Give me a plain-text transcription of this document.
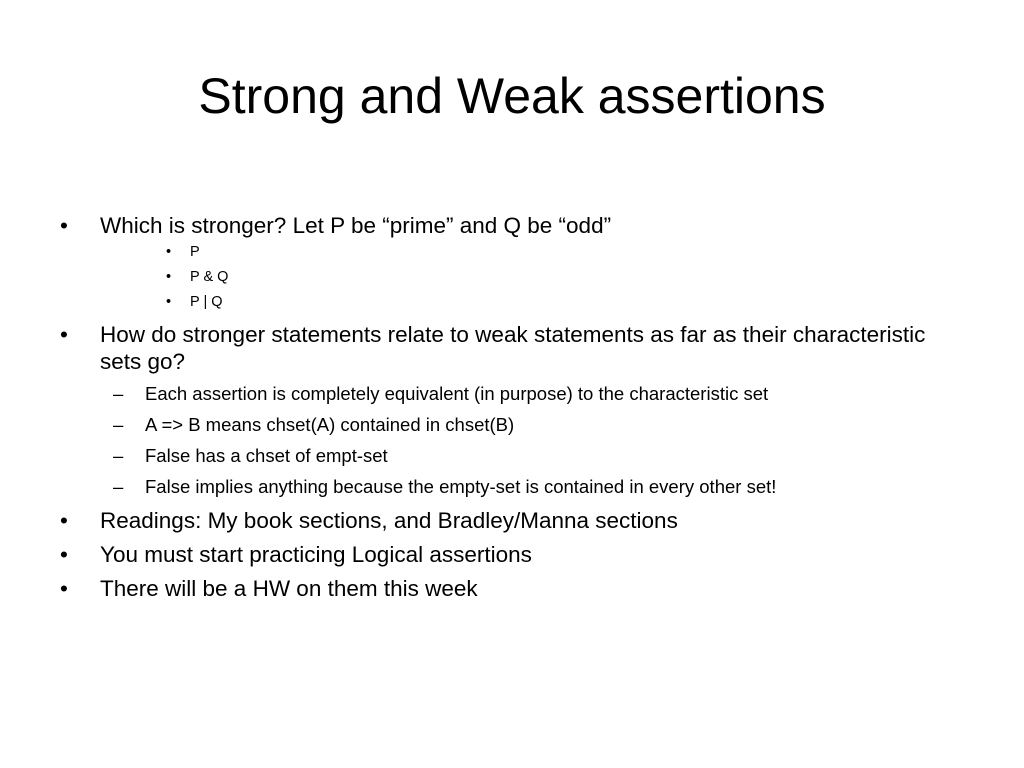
Strong and Weak assertions
•	Which is stronger? Let P be “prime” and Q be “odd”
•	P
•	P & Q
•	P | Q
•	How do stronger statements relate to weak statements as far as their characteristic sets go?
–	Each assertion is completely equivalent (in purpose) to the characteristic set
–	A => B means chset(A) contained in chset(B)
–	False has a chset of empt-set
–	False implies anything because the empty-set is contained in every other set!
•	Readings: My book sections, and Bradley/Manna sections
•	You must start practicing Logical assertions
•	There will be a HW on them this week
